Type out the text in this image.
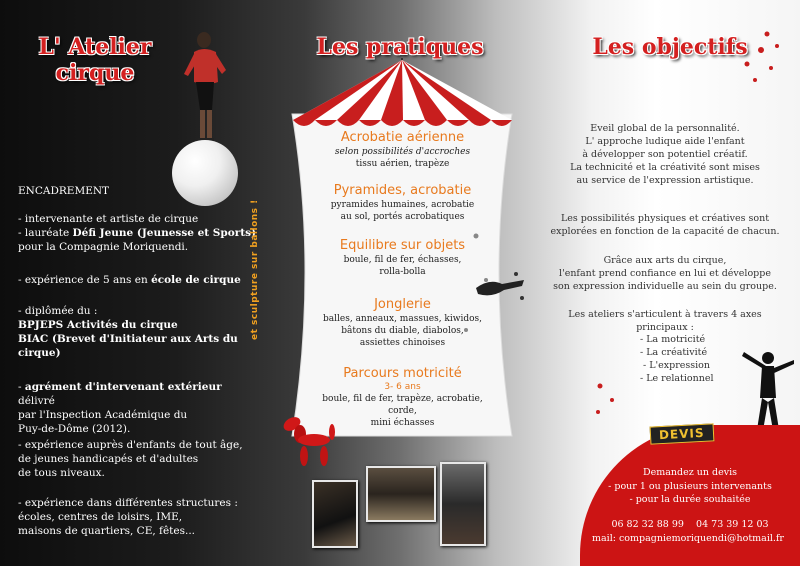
L' Atelier
cirque
Les pratiques	Les objectifs
ENCADREMENT
- intervenante et artiste de cirque
- lauréate Défi Jeune (Jeunesse et Sports)
pour la Compagnie Moriquendi.
- expérience de 5 ans en école de cirque
- diplômée du :
BPJEPS Activités du cirque
BIAC (Brevet d'Initiateur aux Arts du
cirque)
- agrément d'intervenant extérieur délivré
par l'Inspection Académique du
Puy-de-Dôme (2012).
- expérience auprès d'enfants de tout âge,
de jeunes handicapés et d'adultes
de tous niveaux.
- expérience dans différentes structures :
écoles, centres de loisirs, IME,
maisons de quartiers, CE, fêtes...
Acrobatie aérienne
selon possibilités d'accroches
tissu aérien, trapèze
Pyramides, acrobatie
pyramides humaines, acrobatie
au sol, portés acrobatiques
Equilibre sur objets
boule, fil de fer, échasses,
rolla-bolla
Jonglerie
balles, anneaux, massues, kiwidos,
bâtons du diable, diabolos,
assiettes chinoises
Parcours motricité
3- 6 ans
boule, fil de fer, trapèze, acrobatie, corde,
mini échasses
et sculpture sur ballons !
Eveil global de la personnalité.
L' approche ludique aide l'enfant
à développer son potentiel créatif.
La technicité et la créativité sont mises
au service de l'expression artistique.
Les possibilités physiques et créatives sont
explorées en fonction de la capacité de chacun.
Grâce aux arts du cirque,
l'enfant prend confiance en lui et développe
son expression individuelle au sein du groupe.
Les ateliers s'articulent à travers 4 axes principaux :
- La motricité
- La créativité
- L'expression
- Le relationnel
DEVIS
Demandez un devis
- pour 1 ou plusieurs intervenants
- pour la durée souhaitée
06 82 32 88 99    04 73 39 12 03
mail: compagniemoriquendi@hotmail.fr
